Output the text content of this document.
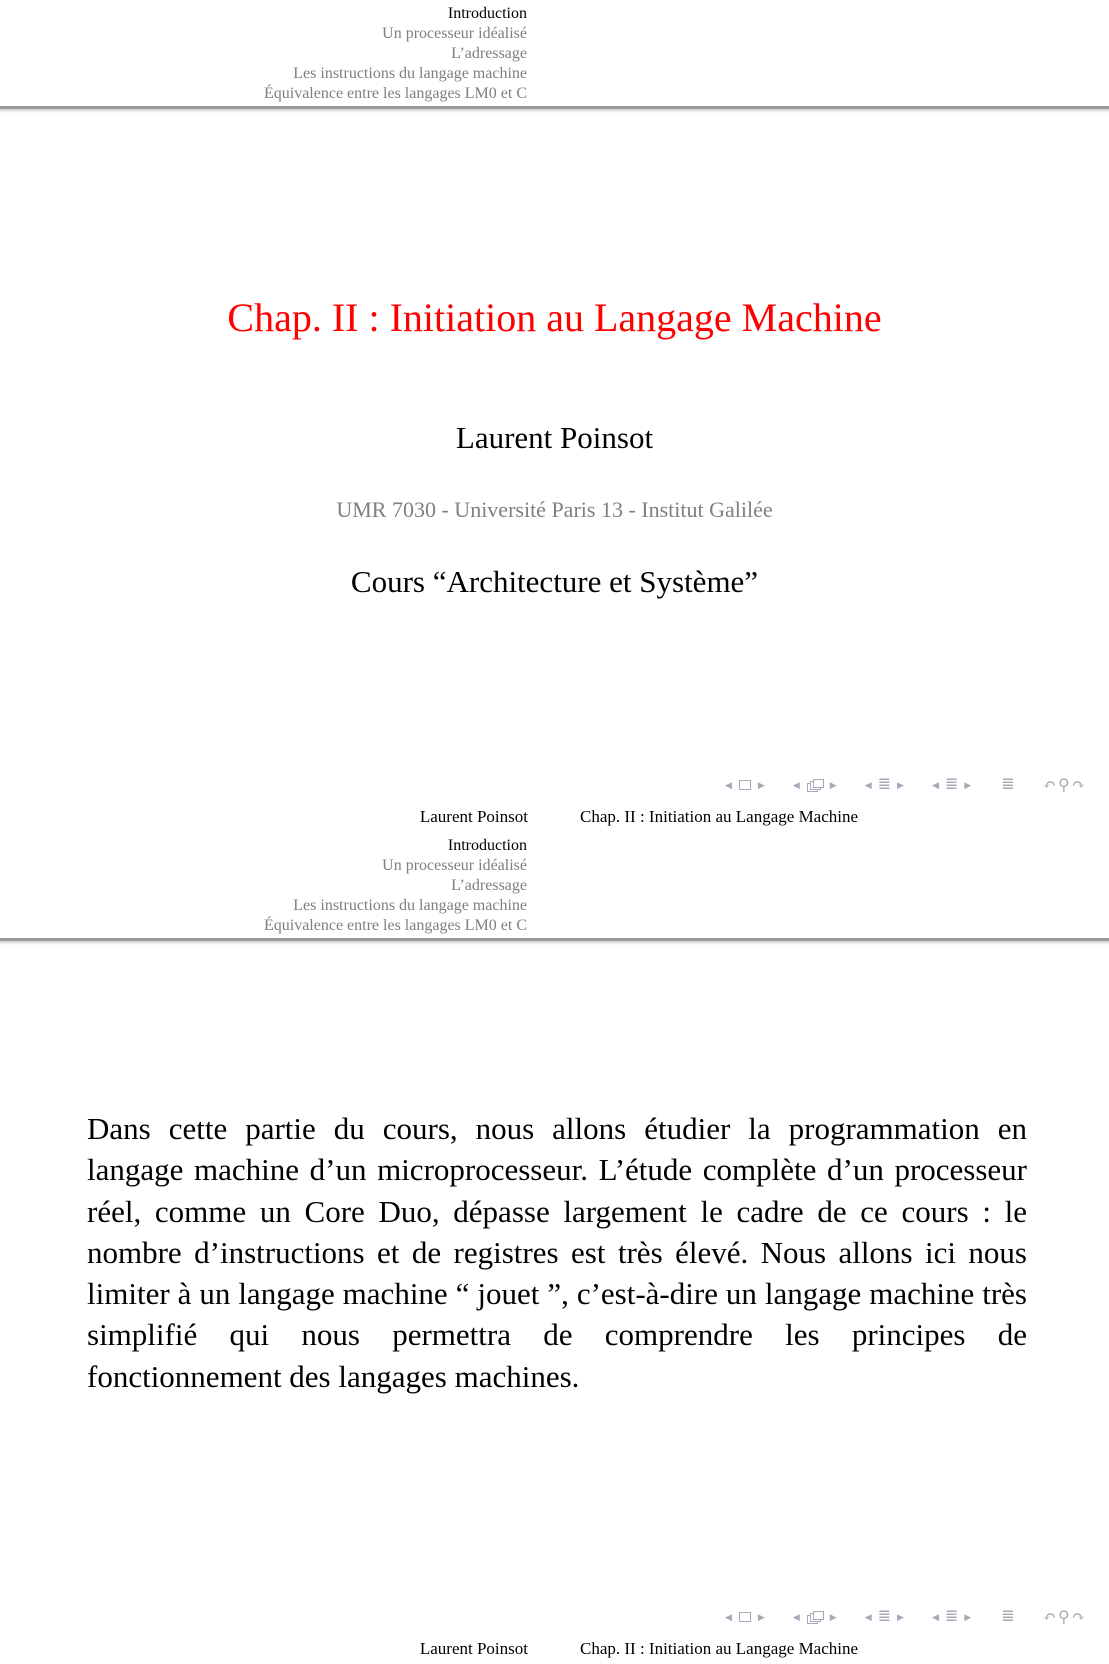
Introduction
Un processeur idéalisé
L’adressage
Les instructions du langage machine
Équivalence entre les langages LM0 et C
Chap. II : Initiation au Langage Machine
Laurent Poinsot
UMR 7030 - Université Paris 13 - Institut Galilée
Cours “Architecture et Système”
◀	▶	◀	▶	◀ ≣ ▶	◀ ≣ ▶ ≣ ↶ ⚲ ↷
Laurent Poinsot	Chap. II : Initiation au Langage Machine
Introduction
Un processeur idéalisé
L’adressage
Les instructions du langage machine
Équivalence entre les langages LM0 et C
Dans cette partie du cours, nous allons étudier la programmation en langage machine d’un microprocesseur. L’étude complète d’un processeur réel, comme un Core Duo, dépasse largement le cadre de ce cours : le nombre d’instructions et de registres est très élevé. Nous allons ici nous limiter à un langage machine “ jouet ”, c’est-à-dire un langage machine très simplifié qui nous permettra de comprendre les principes de fonctionnement des langages machines.
◀	▶	◀	▶	◀ ≣ ▶	◀ ≣ ▶ ≣ ↶ ⚲ ↷
Laurent Poinsot	Chap. II : Initiation au Langage Machine
